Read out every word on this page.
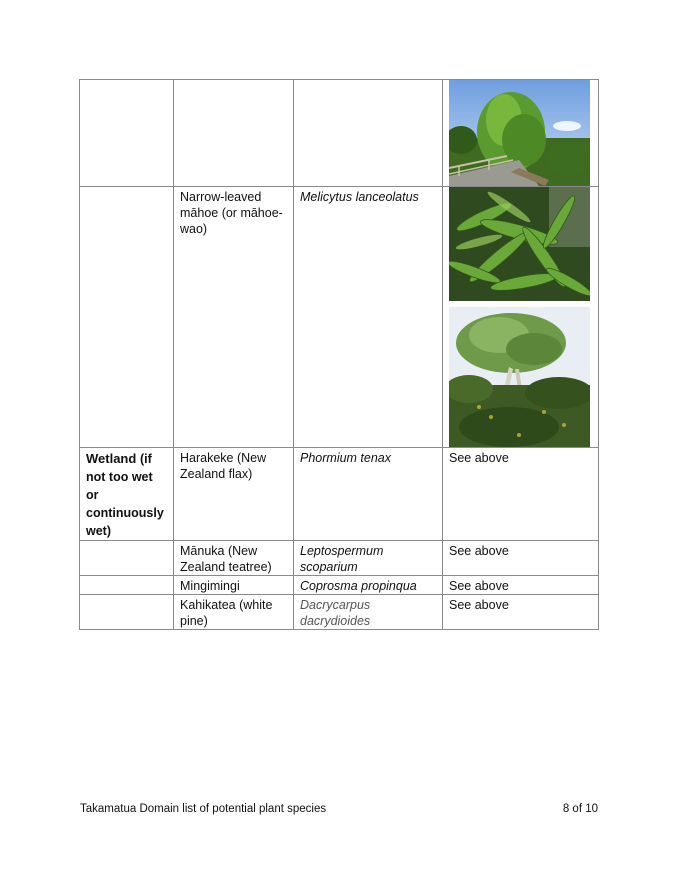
	Narrow-leaved māhoe (or māhoe-wao)	Melicytus lanceolatus	

Wetland (if not too wet or continuously wet)	Harakeke (New Zealand flax)	Phormium tenax	See above
	Mānuka (New Zealand teatree)	Leptospermum scoparium	See above
	Mingimingi	Coprosma propinqua	See above
	Kahikatea (white pine)	Dacrycarpus dacrydioides	See above
Takamatua Domain list of potential plant species	8 of 10
